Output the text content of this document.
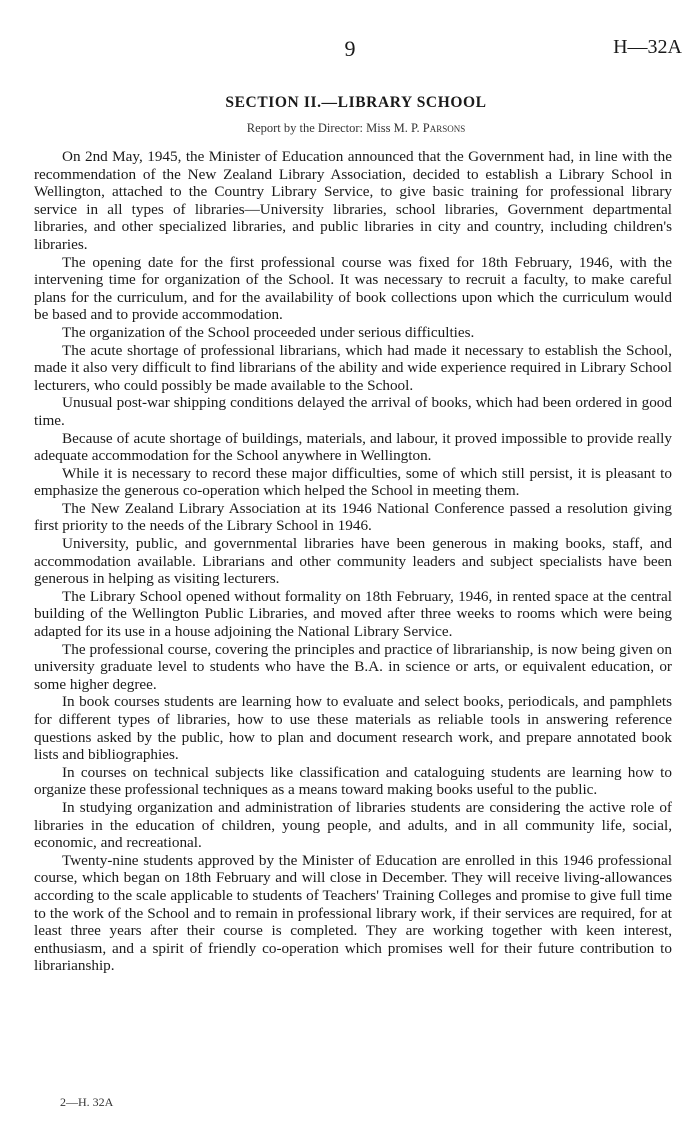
9	H—32A
SECTION II.—LIBRARY SCHOOL
Report by the Director: Miss M. P. Parsons

On 2nd May, 1945, the Minister of Education announced that the Government had, in line with the recommendation of the New Zealand Library Association, decided to establish a Library School in Wellington, attached to the Country Library Service, to give basic training for professional library service in all types of libraries—University libraries, school libraries, Government departmental libraries, and other specialized libraries, and public libraries in city and country, including children's libraries.

The opening date for the first professional course was fixed for 18th February, 1946, with the intervening time for organization of the School. It was necessary to recruit a faculty, to make careful plans for the curriculum, and for the availability of book collections upon which the curriculum would be based and to provide accommodation.

The organization of the School proceeded under serious difficulties.

The acute shortage of professional librarians, which had made it necessary to establish the School, made it also very difficult to find librarians of the ability and wide experience required in Library School lecturers, who could possibly be made available to the School.

Unusual post-war shipping conditions delayed the arrival of books, which had been ordered in good time.

Because of acute shortage of buildings, materials, and labour, it proved impossible to provide really adequate accommodation for the School anywhere in Wellington.

While it is necessary to record these major difficulties, some of which still persist, it is pleasant to emphasize the generous co-operation which helped the School in meeting them.

The New Zealand Library Association at its 1946 National Conference passed a resolution giving first priority to the needs of the Library School in 1946.

University, public, and governmental libraries have been generous in making books, staff, and accommodation available. Librarians and other community leaders and subject specialists have been generous in helping as visiting lecturers.

The Library School opened without formality on 18th February, 1946, in rented space at the central building of the Wellington Public Libraries, and moved after three weeks to rooms which were being adapted for its use in a house adjoining the National Library Service.

The professional course, covering the principles and practice of librarianship, is now being given on university graduate level to students who have the B.A. in science or arts, or equivalent education, or some higher degree.

In book courses students are learning how to evaluate and select books, periodicals, and pamphlets for different types of libraries, how to use these materials as reliable tools in answering reference questions asked by the public, how to plan and document research work, and prepare annotated book lists and bibliographies.

In courses on technical subjects like classification and cataloguing students are learning how to organize these professional techniques as a means toward making books useful to the public.

In studying organization and administration of libraries students are considering the active role of libraries in the education of children, young people, and adults, and in all community life, social, economic, and recreational.

Twenty-nine students approved by the Minister of Education are enrolled in this 1946 professional course, which began on 18th February and will close in December. They will receive living-allowances according to the scale applicable to students of Teachers' Training Colleges and promise to give full time to the work of the School and to remain in professional library work, if their services are required, for at least three years after their course is completed. They are working together with keen interest, enthusiasm, and a spirit of friendly co-operation which promises well for their future contribution to librarianship.

2—H. 32A
